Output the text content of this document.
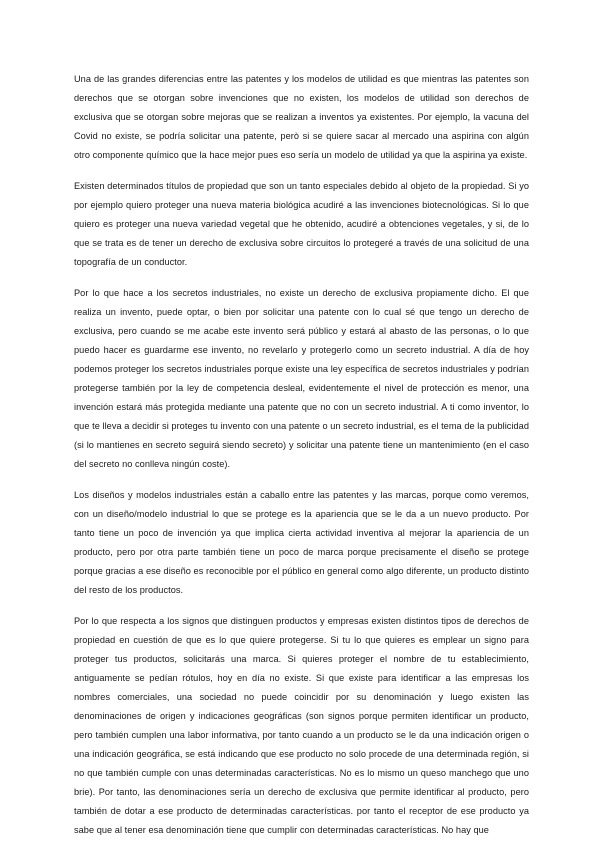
Una de las grandes diferencias entre las patentes y los modelos de utilidad es que mientras las patentes son derechos que se otorgan sobre invenciones que no existen, los modelos de utilidad son derechos de exclusiva que se otorgan sobre mejoras que se realizan a inventos ya existentes. Por ejemplo, la vacuna del Covid no existe, se podría solicitar una patente, però si se quiere sacar al mercado una aspirina con algún otro componente químico que la hace mejor pues eso sería un modelo de utilidad ya que la aspirina ya existe.

Existen determinados títulos de propiedad que son un tanto especiales debido al objeto de la propiedad. Si yo por ejemplo quiero proteger una nueva materia biológica acudiré a las invenciones biotecnológicas. Si lo que quiero es proteger una nueva variedad vegetal que he obtenido, acudiré a obtenciones vegetales, y si, de lo que se trata es de tener un derecho de exclusiva sobre circuitos lo protegeré a través de una solicitud de una topografía de un conductor.

Por lo que hace a los secretos industriales, no existe un derecho de exclusiva propiamente dicho. El que realiza un invento, puede optar, o bien por solicitar una patente con lo cual sé que tengo un derecho de exclusiva, pero cuando se me acabe este invento será público y estará al abasto de las personas, o lo que puedo hacer es guardarme ese invento, no revelarlo y protegerlo como un secreto industrial. A día de hoy podemos proteger los secretos industriales porque existe una ley específica de secretos industriales y podrían protegerse también por la ley de competencia desleal, evidentemente el nivel de protección es menor, una invención estará más protegida mediante una patente que no con un secreto industrial. A ti como inventor, lo que te lleva a decidir si proteges tu invento con una patente o un secreto industrial, es el tema de la publicidad (si lo mantienes en secreto seguirá siendo secreto) y solicitar una patente tiene un mantenimiento (en el caso del secreto no conlleva ningún coste).

Los diseños y modelos industriales están a caballo entre las patentes y las marcas, porque como veremos, con un diseño/modelo industrial lo que se protege es la apariencia que se le da a un nuevo producto. Por tanto tiene un poco de invención ya que implica cierta actividad inventiva al mejorar la apariencia de un producto, pero por otra parte también tiene un poco de marca porque precisamente el diseño se protege porque gracias a ese diseño es reconocible por el público en general como algo diferente, un producto distinto del resto de los productos.

Por lo que respecta a los signos que distinguen productos y empresas existen distintos tipos de derechos de propiedad en cuestión de que es lo que quiere protegerse. Si tu lo que quieres es emplear un signo para proteger tus productos, solicitarás una marca. Si quieres proteger el nombre de tu establecimiento, antiguamente se pedían rótulos, hoy en día no existe. Si que existe para identificar a las empresas los nombres comerciales, una sociedad no puede coincidir por su denominación y luego existen las denominaciones de origen y indicaciones geográficas (son signos porque permiten identificar un producto, pero también cumplen una labor informativa, por tanto cuando a un producto se le da una indicación origen o una indicación geográfica, se está indicando que ese producto no solo procede de una determinada región, si no que también cumple con unas determinadas características. No es lo mismo un queso manchego que uno brie). Por tanto, las denominaciones sería un derecho de exclusiva que permite identificar al producto, pero también de dotar a ese producto de determinadas características. por tanto el receptor de ese producto ya sabe que al tener esa denominación tiene que cumplir con determinadas características. No hay que
